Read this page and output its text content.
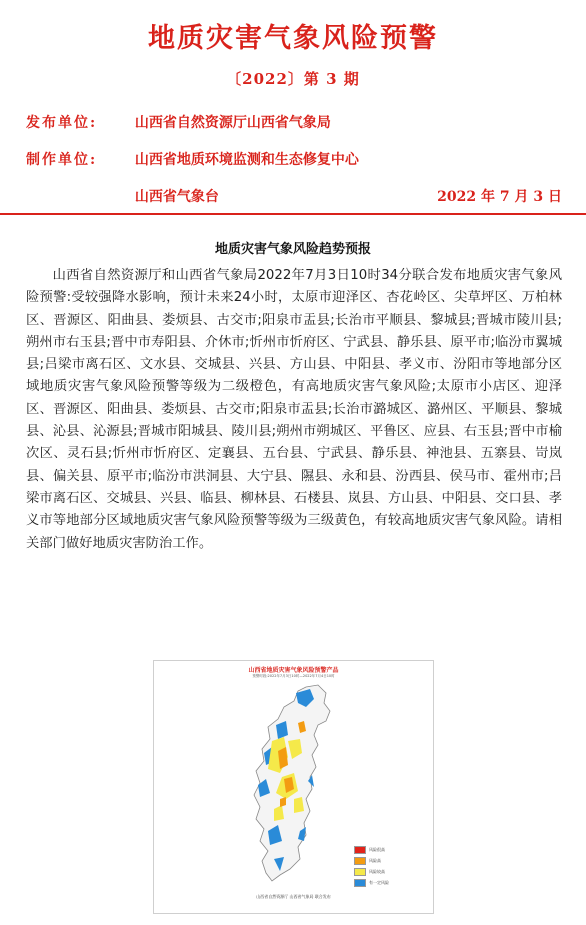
地质灾害气象风险预警
〔2022〕第 3 期
发布单位:	山西省自然资源厅山西省气象局
制作单位:	山西省地质环境监测和生态修复中心
山西省气象台	2022 年 7 月 3 日
地质灾害气象风险趋势预报

山西省自然资源厅和山西省气象局2022年7月3日10时34分联合发布地质灾害气象风险预警:受较强降水影响，预计未来24小时，太原市迎泽区、杏花岭区、尖草坪区、万柏林区、晋源区、阳曲县、娄烦县、古交市;阳泉市盂县;长治市平顺县、黎城县;晋城市陵川县;朔州市右玉县;晋中市寿阳县、介休市;忻州市忻府区、宁武县、静乐县、原平市;临汾市翼城县;吕梁市离石区、文水县、交城县、兴县、方山县、中阳县、孝义市、汾阳市等地部分区域地质灾害气象风险预警等级为二级橙色，有高地质灾害气象风险;太原市小店区、迎泽区、晋源区、阳曲县、娄烦县、古交市;阳泉市盂县;长治市潞城区、潞州区、平顺县、黎城县、沁县、沁源县;晋城市阳城县、陵川县;朔州市朔城区、平鲁区、应县、右玉县;晋中市榆次区、灵石县;忻州市忻府区、定襄县、五台县、宁武县、静乐县、神池县、五寨县、岢岚县、偏关县、原平市;临汾市洪洞县、大宁县、隰县、永和县、汾西县、侯马市、霍州市;吕梁市离石区、交城县、兴县、临县、柳林县、石楼县、岚县、方山县、中阳县、交口县、孝义市等地部分区域地质灾害气象风险预警等级为三级黄色，有较高地质灾害气象风险。请相关部门做好地质灾害防治工作。

山西省地质灾害气象风险预警产品
预警时段:2022年7月3日10时—2022年7月4日10时
风险很高
风险高
风险较高
有一定风险
山西省自然资源厅 山西省气象局 联合发布
